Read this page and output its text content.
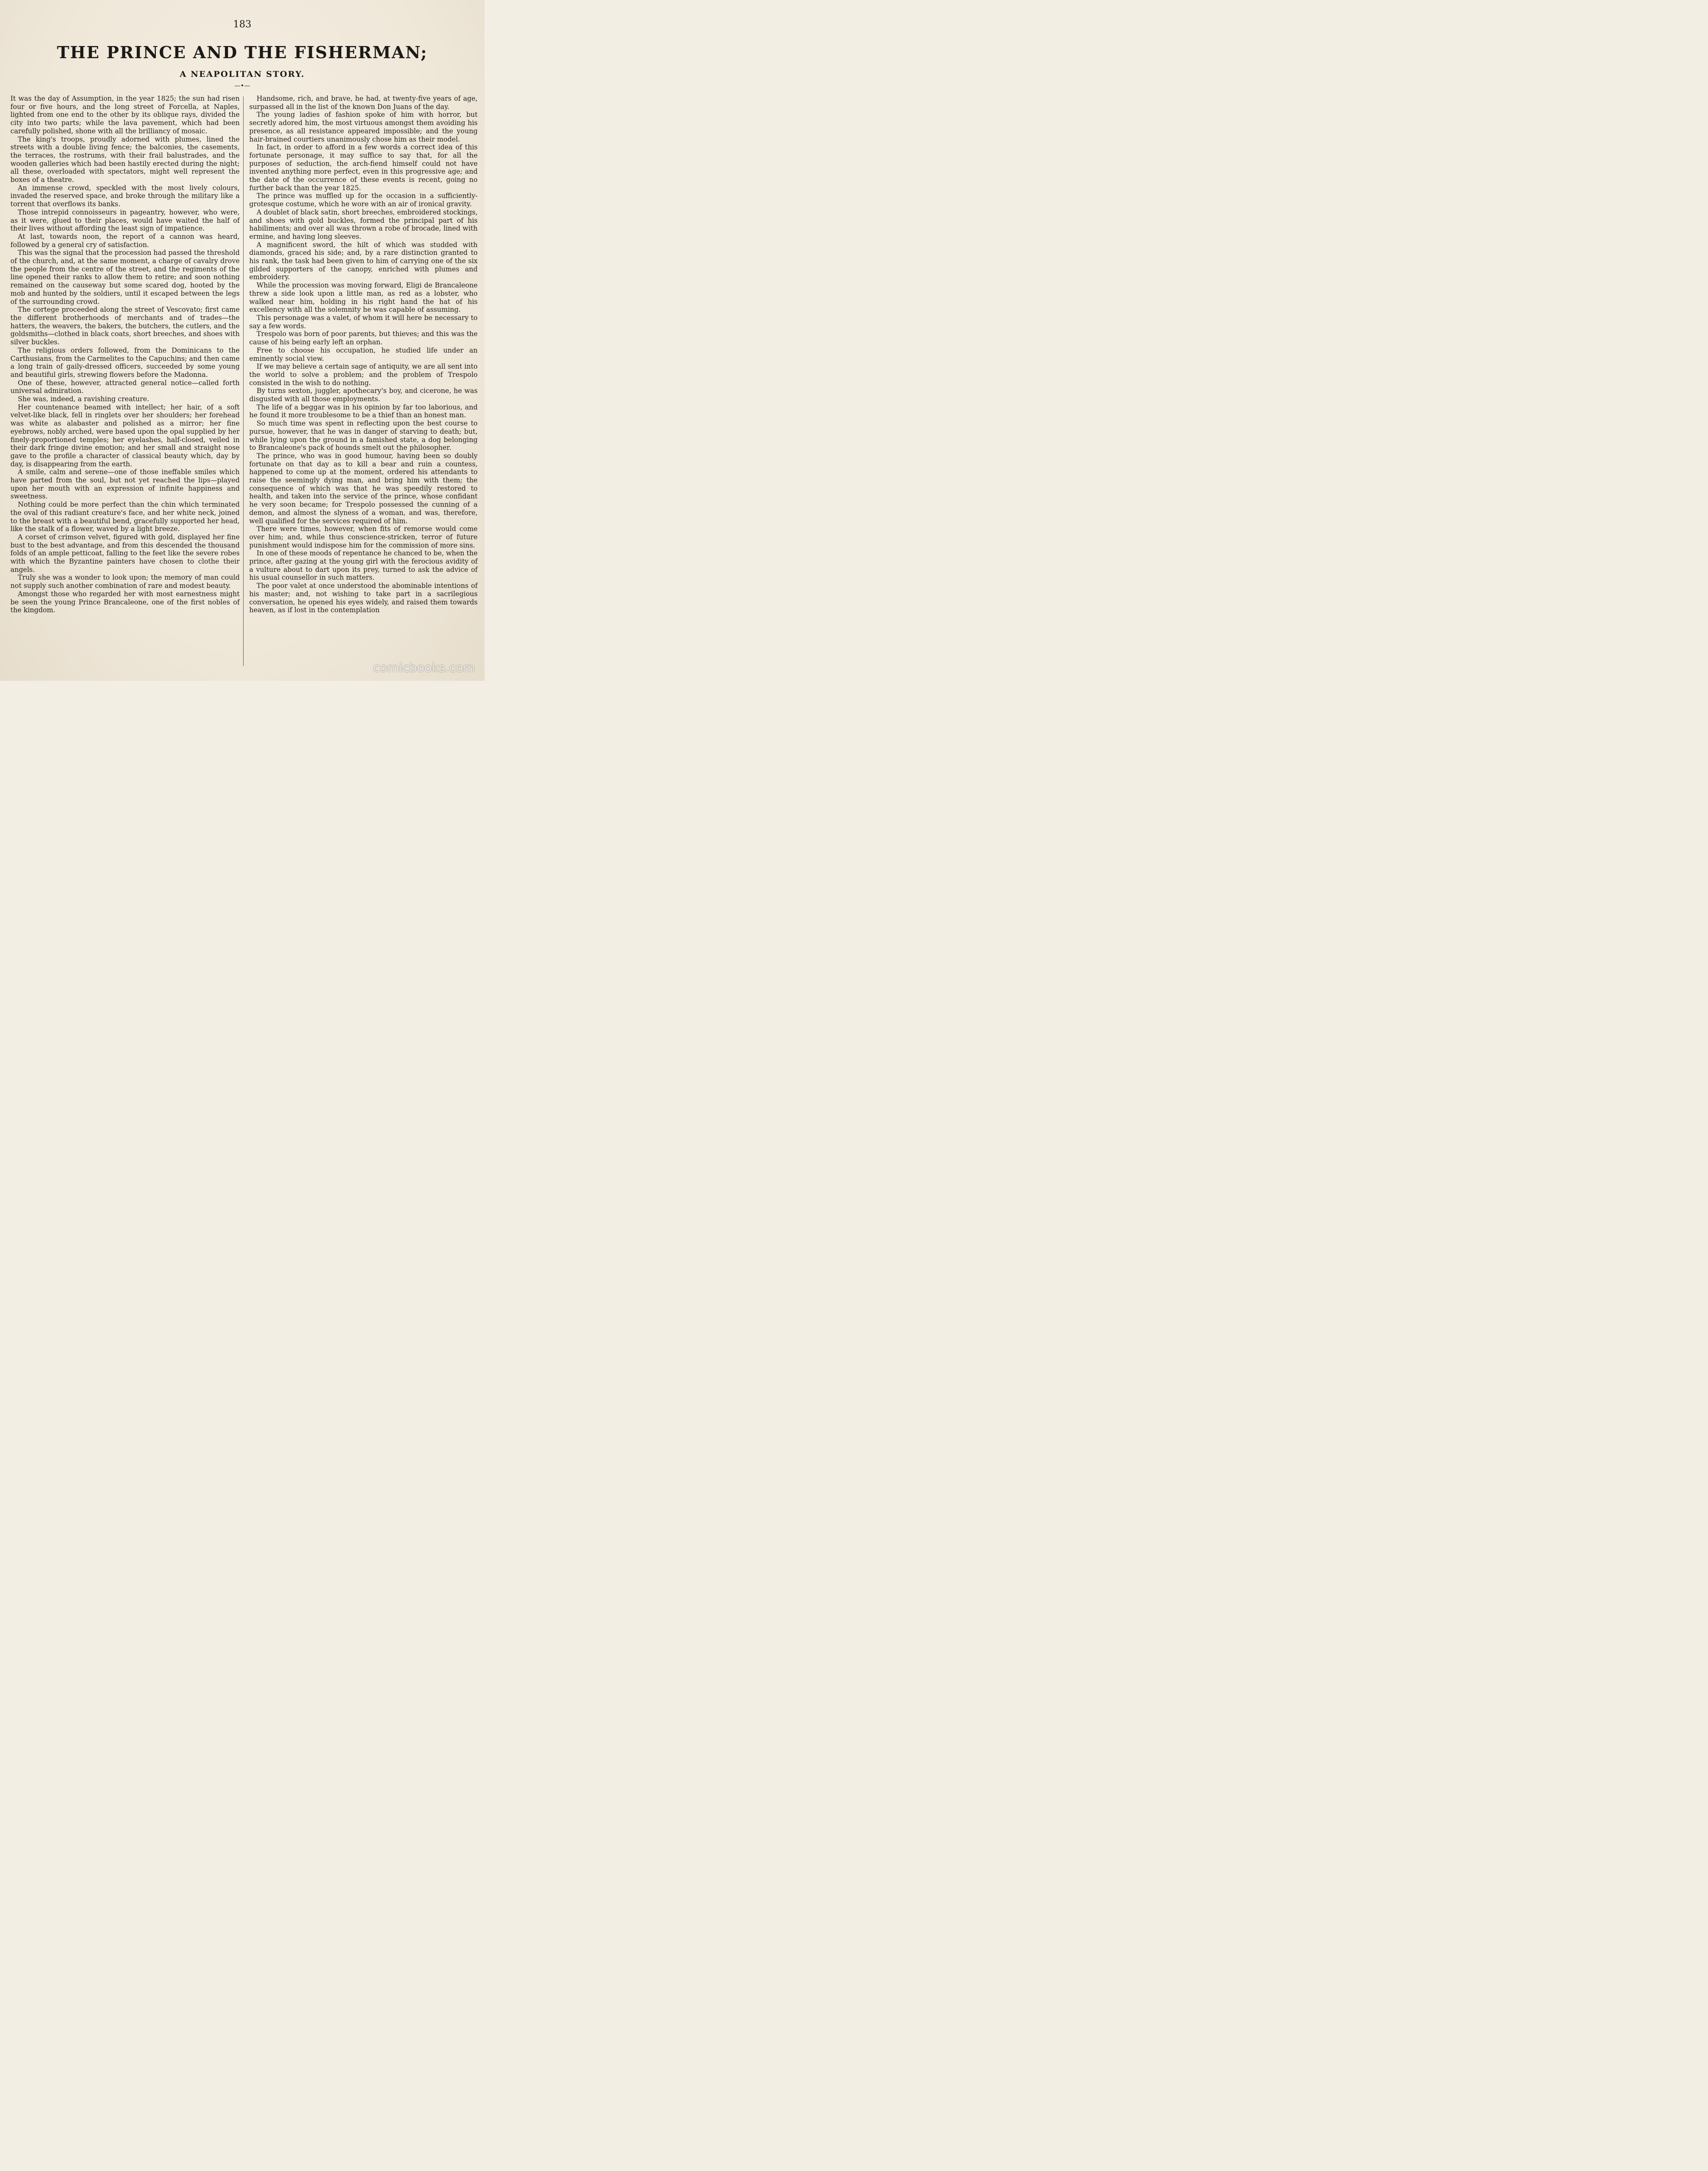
183
THE PRINCE AND THE FISHERMAN;
A NEAPOLITAN STORY.
—•—

It was the day of Assumption, in the year 1825; the sun had risen four or five hours, and the long street of Forcella, at Naples, lighted from one end to the other by its oblique rays, divided the city into two parts; while the lava pavement, which had been carefully polished, shone with all the brilliancy of mosaic.

The king's troops, proudly adorned with plumes, lined the streets with a double living fence; the balconies, the casements, the terraces, the rostrums, with their frail balustrades, and the wooden galleries which had been hastily erected during the night; all these, overloaded with spectators, might well represent the boxes of a theatre.

An immense crowd, speckled with the most lively colours, invaded the reserved space, and broke through the military like a torrent that overflows its banks.

Those intrepid connoisseurs in pageantry, however, who were, as it were, glued to their places, would have waited the half of their lives without affording the least sign of impatience.

At last, towards noon, the report of a cannon was heard, followed by a general cry of satisfaction.

This was the signal that the procession had passed the threshold of the church, and, at the same moment, a charge of cavalry drove the people from the centre of the street, and the regiments of the line opened their ranks to allow them to retire; and soon nothing remained on the causeway but some scared dog, hooted by the mob and hunted by the soldiers, until it escaped between the legs of the surrounding crowd.

The cortege proceeded along the street of Vescovato; first came the different brotherhoods of merchants and of trades—the hatters, the weavers, the bakers, the butchers, the cutlers, and the goldsmiths—clothed in black coats, short breeches, and shoes with silver buckles.

The religious orders followed, from the Dominicans to the Carthusians, from the Carmelites to the Capuchins; and then came a long train of gaily-dressed officers, succeeded by some young and beautiful girls, strewing flowers before the Madonna.

One of these, however, attracted general notice—called forth universal admiration.

She was, indeed, a ravishing creature.

Her countenance beamed with intellect; her hair, of a soft velvet-like black, fell in ringlets over her shoulders; her forehead was white as alabaster and polished as a mirror; her fine eyebrows, nobly arched, were based upon the opal supplied by her finely-proportioned temples; her eyelashes, half-closed, veiled in their dark fringe divine emotion; and her small and straight nose gave to the profile a character of classical beauty which, day by day, is disappearing from the earth.

A smile, calm and serene—one of those ineffable smiles which have parted from the soul, but not yet reached the lips—played upon her mouth with an expression of infinite happiness and sweetness.

Nothing could be more perfect than the chin which terminated the oval of this radiant creature's face, and her white neck, joined to the breast with a beautiful bend, gracefully supported her head, like the stalk of a flower, waved by a light breeze.

A corset of crimson velvet, figured with gold, displayed her fine bust to the best advantage, and from this descended the thousand folds of an ample petticoat, falling to the feet like the severe robes with which the Byzantine painters have chosen to clothe their angels.

Truly she was a wonder to look upon; the memory of man could not supply such another combination of rare and modest beauty.

Amongst those who regarded her with most earnestness might be seen the young Prince Brancaleone, one of the first nobles of the kingdom.

Handsome, rich, and brave, he had, at twenty-five years of age, surpassed all in the list of the known Don Juans of the day.

The young ladies of fashion spoke of him with horror, but secretly adored him, the most virtuous amongst them avoiding his presence, as all resistance appeared impossible; and the young hair-brained courtiers unanimously chose him as their model.

In fact, in order to afford in a few words a correct idea of this fortunate personage, it may suffice to say that, for all the purposes of seduction, the arch-fiend himself could not have invented anything more perfect, even in this progressive age; and the date of the occurrence of these events is recent, going no further back than the year 1825.

The prince was muffled up for the occasion in a sufficiently-grotesque costume, which he wore with an air of ironical gravity.

A doublet of black satin, short breeches, embroidered stockings, and shoes with gold buckles, formed the principal part of his habiliments; and over all was thrown a robe of brocade, lined with ermine, and having long sleeves.

A magnificent sword, the hilt of which was studded with diamonds, graced his side; and, by a rare distinction granted to his rank, the task had been given to him of carrying one of the six gilded supporters of the canopy, enriched with plumes and embroidery.

While the procession was moving forward, Eligi de Brancaleone threw a side look upon a little man, as red as a lobster, who walked near him, holding in his right hand the hat of his excellency with all the solemnity he was capable of assuming.

This personage was a valet, of whom it will here be necessary to say a few words.

Trespolo was born of poor parents, but thieves; and this was the cause of his being early left an orphan.

Free to choose his occupation, he studied life under an eminently social view.

If we may believe a certain sage of antiquity, we are all sent into the world to solve a problem; and the problem of Trespolo consisted in the wish to do nothing.

By turns sexton, juggler, apothecary's boy, and cicerone, he was disgusted with all those employments.

The life of a beggar was in his opinion by far too laborious, and he found it more troublesome to be a thief than an honest man.

So much time was spent in reflecting upon the best course to pursue, however, that he was in danger of starving to death; but, while lying upon the ground in a famished state, a dog belonging to Brancaleone's pack of hounds smelt out the philosopher.

The prince, who was in good humour, having been so doubly fortunate on that day as to kill a bear and ruin a countess, happened to come up at the moment, ordered his attendants to raise the seemingly dying man, and bring him with them; the consequence of which was that he was speedily restored to health, and taken into the service of the prince, whose confidant he very soon became; for Trespolo possessed the cunning of a demon, and almost the slyness of a woman, and was, therefore, well qualified for the services required of him.

There were times, however, when fits of remorse would come over him; and, while thus conscience-stricken, terror of future punishment would indispose him for the commission of more sins.

In one of these moods of repentance he chanced to be, when the prince, after gazing at the young girl with the ferocious avidity of a vulture about to dart upon its prey, turned to ask the advice of his usual counsellor in such matters.

The poor valet at once understood the abominable intentions of his master; and, not wishing to take part in a sacrilegious conversation, he opened his eyes widely, and raised them towards heaven, as if lost in the contemplation

comicbooks.com
